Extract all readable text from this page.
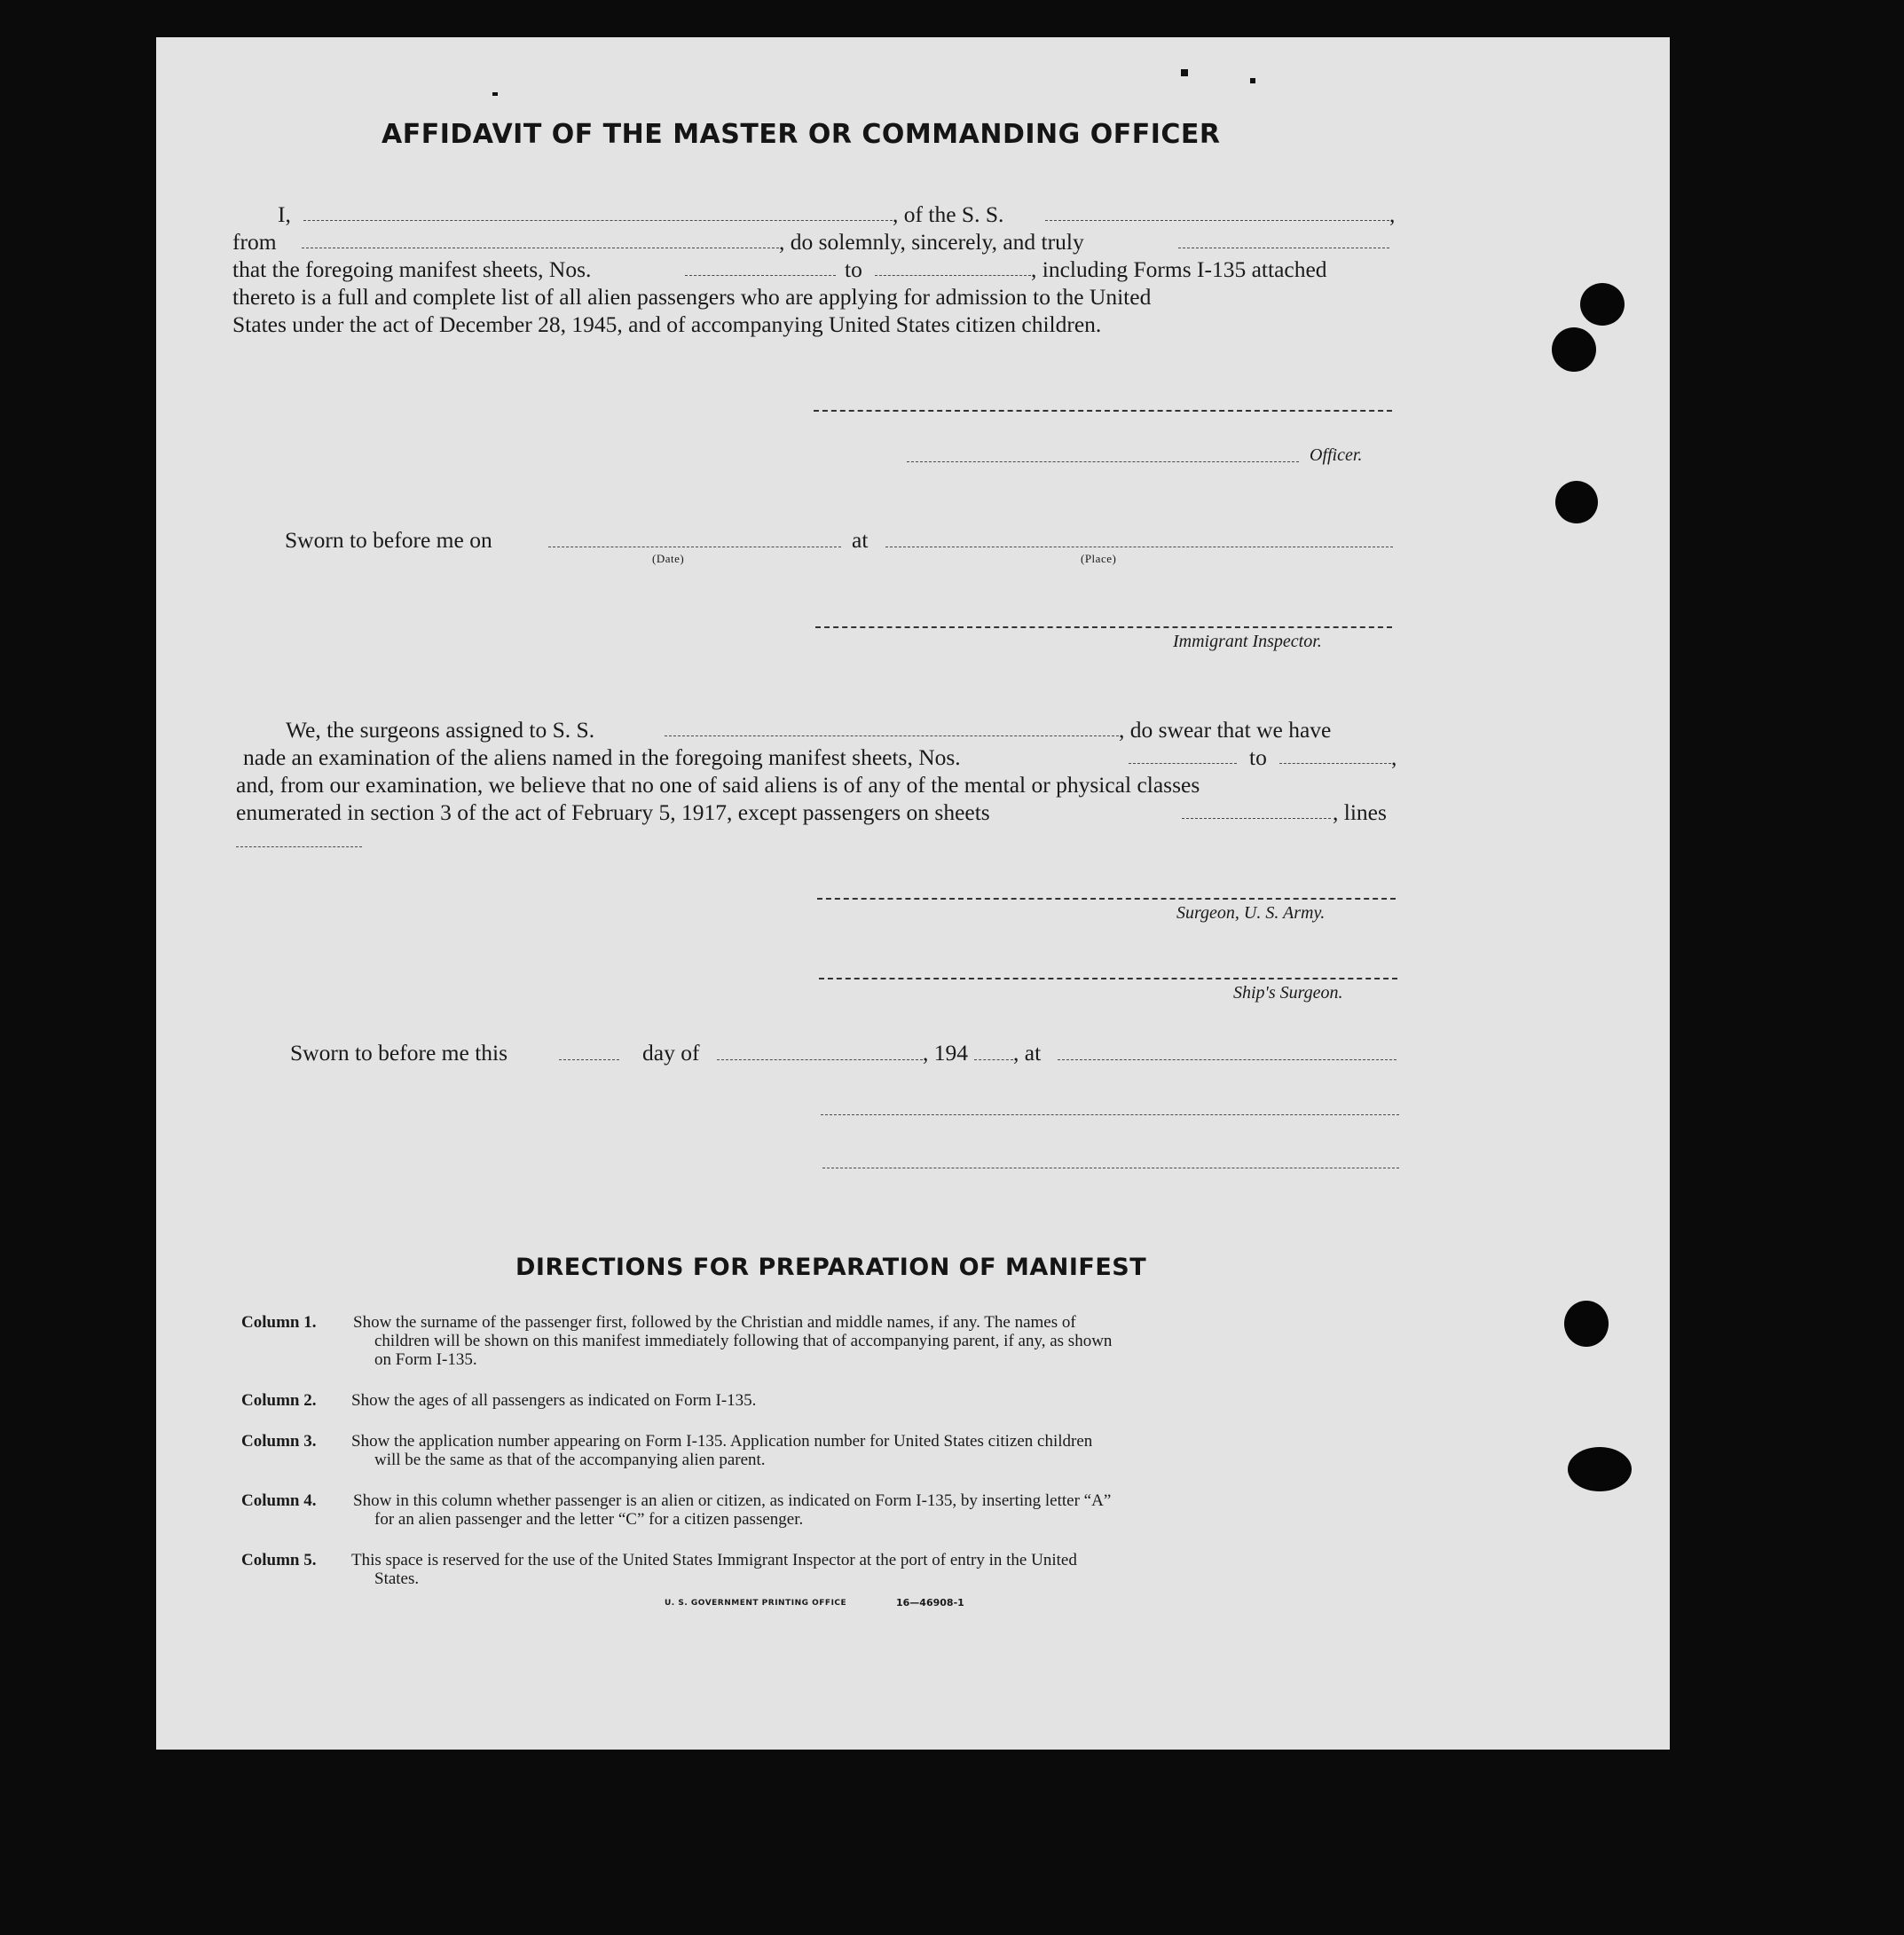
AFFIDAVIT OF THE MASTER OR COMMANDING OFFICER
I,	, of the S. S.	,
from	, do solemnly, sincerely, and truly
that the foregoing manifest sheets, Nos.	to	, including Forms I-135 attached
thereto is a full and complete list of all alien passengers who are applying for admission to the United
States under the act of December 28, 1945, and of accompanying United States citizen children.
Officer.
Sworn to before me on
(Date)
at
(Place)
Immigrant Inspector.
We, the surgeons assigned to S. S.	, do swear that we have
nade an examination of the aliens named in the foregoing manifest sheets, Nos.	to	,
and, from our examination, we believe that no one of said aliens is of any of the mental or physical classes
enumerated in section 3 of the act of February 5, 1917, except passengers on sheets	, lines
Surgeon, U. S. Army.
Ship's Surgeon.
Sworn to before me this	day of	, 194 , at
DIRECTIONS FOR PREPARATION OF MANIFEST
Column 1. Show the surname of the passenger first, followed by the Christian and middle names, if any. The names of
children will be shown on this manifest immediately following that of accompanying parent, if any, as shown
on Form I-135.
Column 2. Show the ages of all passengers as indicated on Form I-135.
Column 3. Show the application number appearing on Form I-135. Application number for United States citizen children
will be the same as that of the accompanying alien parent.
Column 4. Show in this column whether passenger is an alien or citizen, as indicated on Form I-135, by inserting letter “A”
for an alien passenger and the letter “C” for a citizen passenger.
Column 5. This space is reserved for the use of the United States Immigrant Inspector at the port of entry in the United
States.
U. S. GOVERNMENT PRINTING OFFICE	16—46908-1
